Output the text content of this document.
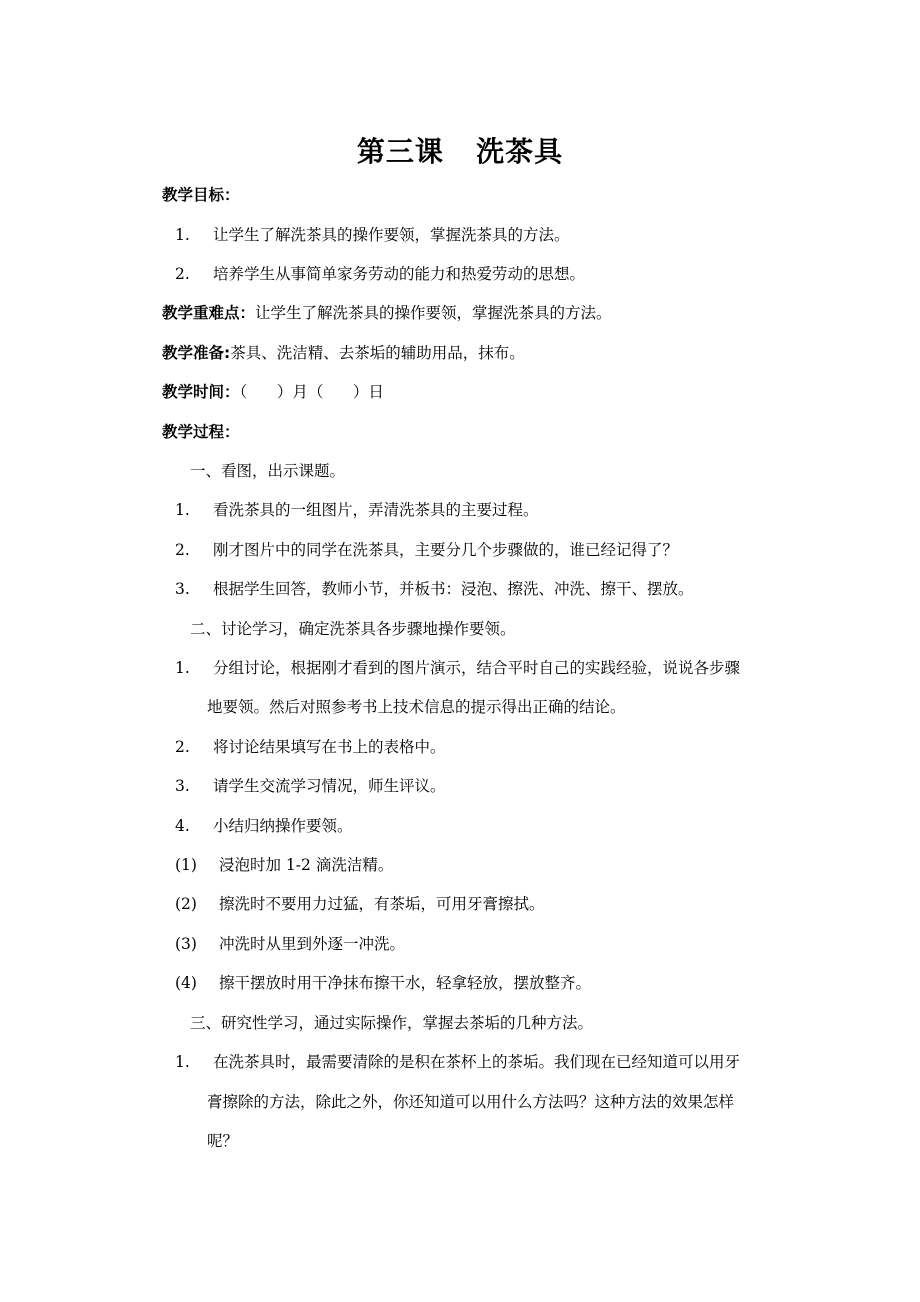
第三课   洗茶具
教学目标：
1. 让学生了解洗茶具的操作要领，掌握洗茶具的方法。
2. 培养学生从事简单家务劳动的能力和热爱劳动的思想。
教学重难点：让学生了解洗茶具的操作要领，掌握洗茶具的方法。
教学准备:茶具、洗洁精、去茶垢的辅助用品，抹布。
教学时间：（      ）月（      ）日
教学过程：
一、看图，出示课题。
1. 看洗茶具的一组图片，弄清洗茶具的主要过程。
2. 刚才图片中的同学在洗茶具，主要分几个步骤做的，谁已经记得了？
3. 根据学生回答，教师小节，并板书：浸泡、擦洗、冲洗、擦干、摆放。
二、讨论学习，确定洗茶具各步骤地操作要领。
1. 分组讨论，根据刚才看到的图片演示，结合平时自己的实践经验，说说各步骤
地要领。然后对照参考书上技术信息的提示得出正确的结论。
2. 将讨论结果填写在书上的表格中。
3. 请学生交流学习情况，师生评议。
4. 小结归纳操作要领。
(1) 浸泡时加 1-2 滴洗洁精。
(2) 擦洗时不要用力过猛，有茶垢，可用牙膏擦拭。
(3) 冲洗时从里到外逐一冲洗。
(4) 擦干摆放时用干净抹布擦干水，轻拿轻放，摆放整齐。
三、研究性学习，通过实际操作，掌握去茶垢的几种方法。
1. 在洗茶具时，最需要清除的是积在茶杯上的茶垢。我们现在已经知道可以用牙
膏擦除的方法，除此之外，你还知道可以用什么方法吗？这种方法的效果怎样
呢？
